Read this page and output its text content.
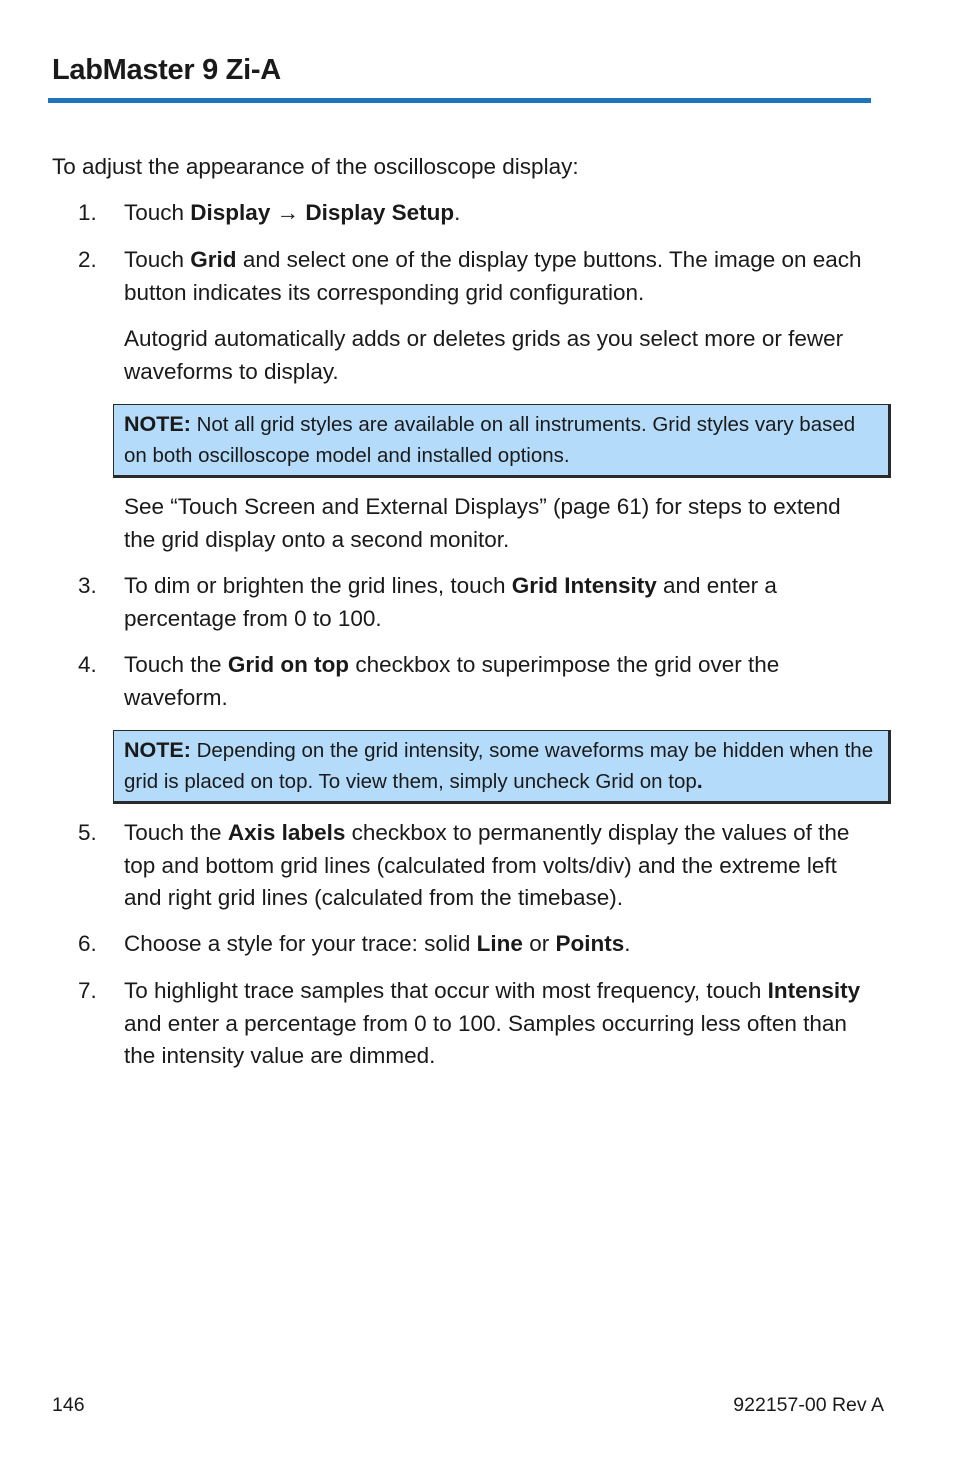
LabMaster 9 Zi-A
To adjust the appearance of the oscilloscope display:
1.	Touch Display → Display Setup.
2.	Touch Grid and select one of the display type buttons. The image on each button indicates its corresponding grid configuration.
Autogrid automatically adds or deletes grids as you select more or fewer waveforms to display.
NOTE: Not all grid styles are available on all instruments. Grid styles vary based on both oscilloscope model and installed options.
See “Touch Screen and External Displays” (page 61) for steps to extend the grid display onto a second monitor.
3.	To dim or brighten the grid lines, touch Grid Intensity and enter a percentage from 0 to 100.
4.	Touch the Grid on top checkbox to superimpose the grid over the waveform.
NOTE: Depending on the grid intensity, some waveforms may be hidden when the grid is placed on top. To view them, simply uncheck Grid on top.
5.	Touch the Axis labels checkbox to permanently display the values of the top and bottom grid lines (calculated from volts/div) and the extreme left and right grid lines (calculated from the timebase).
6.	Choose a style for your trace: solid Line or Points.
7.	To highlight trace samples that occur with most frequency, touch Intensity  and enter a percentage from 0 to 100. Samples occurring less often than the intensity value are dimmed.
146	922157-00 Rev A
